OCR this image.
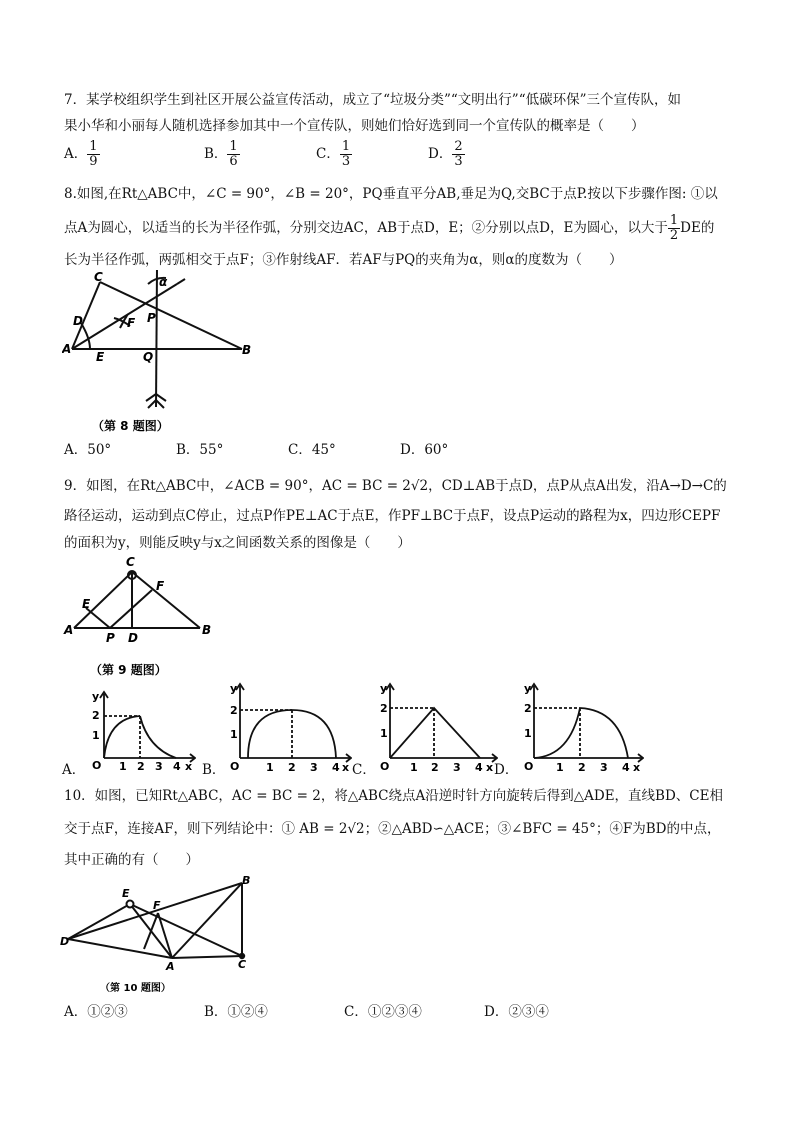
7．某学校组织学生到社区开展公益宣传活动，成立了“垃圾分类”“文明出行”“低碳环保”三个宣传队，如
果小华和小丽每人随机选择参加其中一个宣传队，则她们恰好选到同一个宣传队的概率是（　　）
A． $\frac{1}{9}$	B． $\frac{1}{6}$	C． $\frac{1}{3}$	D． $\frac{2}{3}$
8.如图,在Rt△ABC中，∠C = 90°，∠B = 20°，PQ垂直平分AB,垂足为Q,交BC于点P.按以下步骤作图: ①以
点A为圆心，以适当的长为半径作弧，分别交边AC，AB于点D，E；②分别以点D，E为圆心，以大于 $\frac{1}{2}$ DE的
长为半径作弧，两弧相交于点F；③作射线AF．若AF与PQ的夹角为α，则α的度数为（　　）
C
D	F P
α
A
E	Q	B
（第 8 题图）
A．50°	B．55°	C．45°	D．60°
9．如图，在Rt△ABC中，∠ACB = 90°，AC = BC = 2√2，CD⊥AB于点D，点P从点A出发，沿A→D→C的
路径运动，运动到点C停止，过点P作PE⊥AC于点E，作PF⊥BC于点F，设点P运动的路程为x，四边形CEPF
的面积为y，则能反映y与x之间函数关系的图像是（　　）
C
E
F
A
P D
B
（第 9 题图）
A．
y
O
2
1
1 2 3 4 x B．
y
O
2
1
1 2 3 4 x C．
y
O
2
1
1 2 3 4 x D．
y
O
2
1
1 2 3 4 x
10．如图，已知Rt△ABC，AC = BC = 2，将△ABC绕点A沿逆时针方向旋转后得到△ADE，直线BD、CE相
交于点F，连接AF，则下列结论中：① AB = 2√2；②△ABD∽△ACE；③∠BFC = 45°；④F为BD的中点，
其中正确的有（　　）
E
F
B
D
A	C
（第 10 题图）
A．①②③	B．①②④	C．①②③④	D．②③④
